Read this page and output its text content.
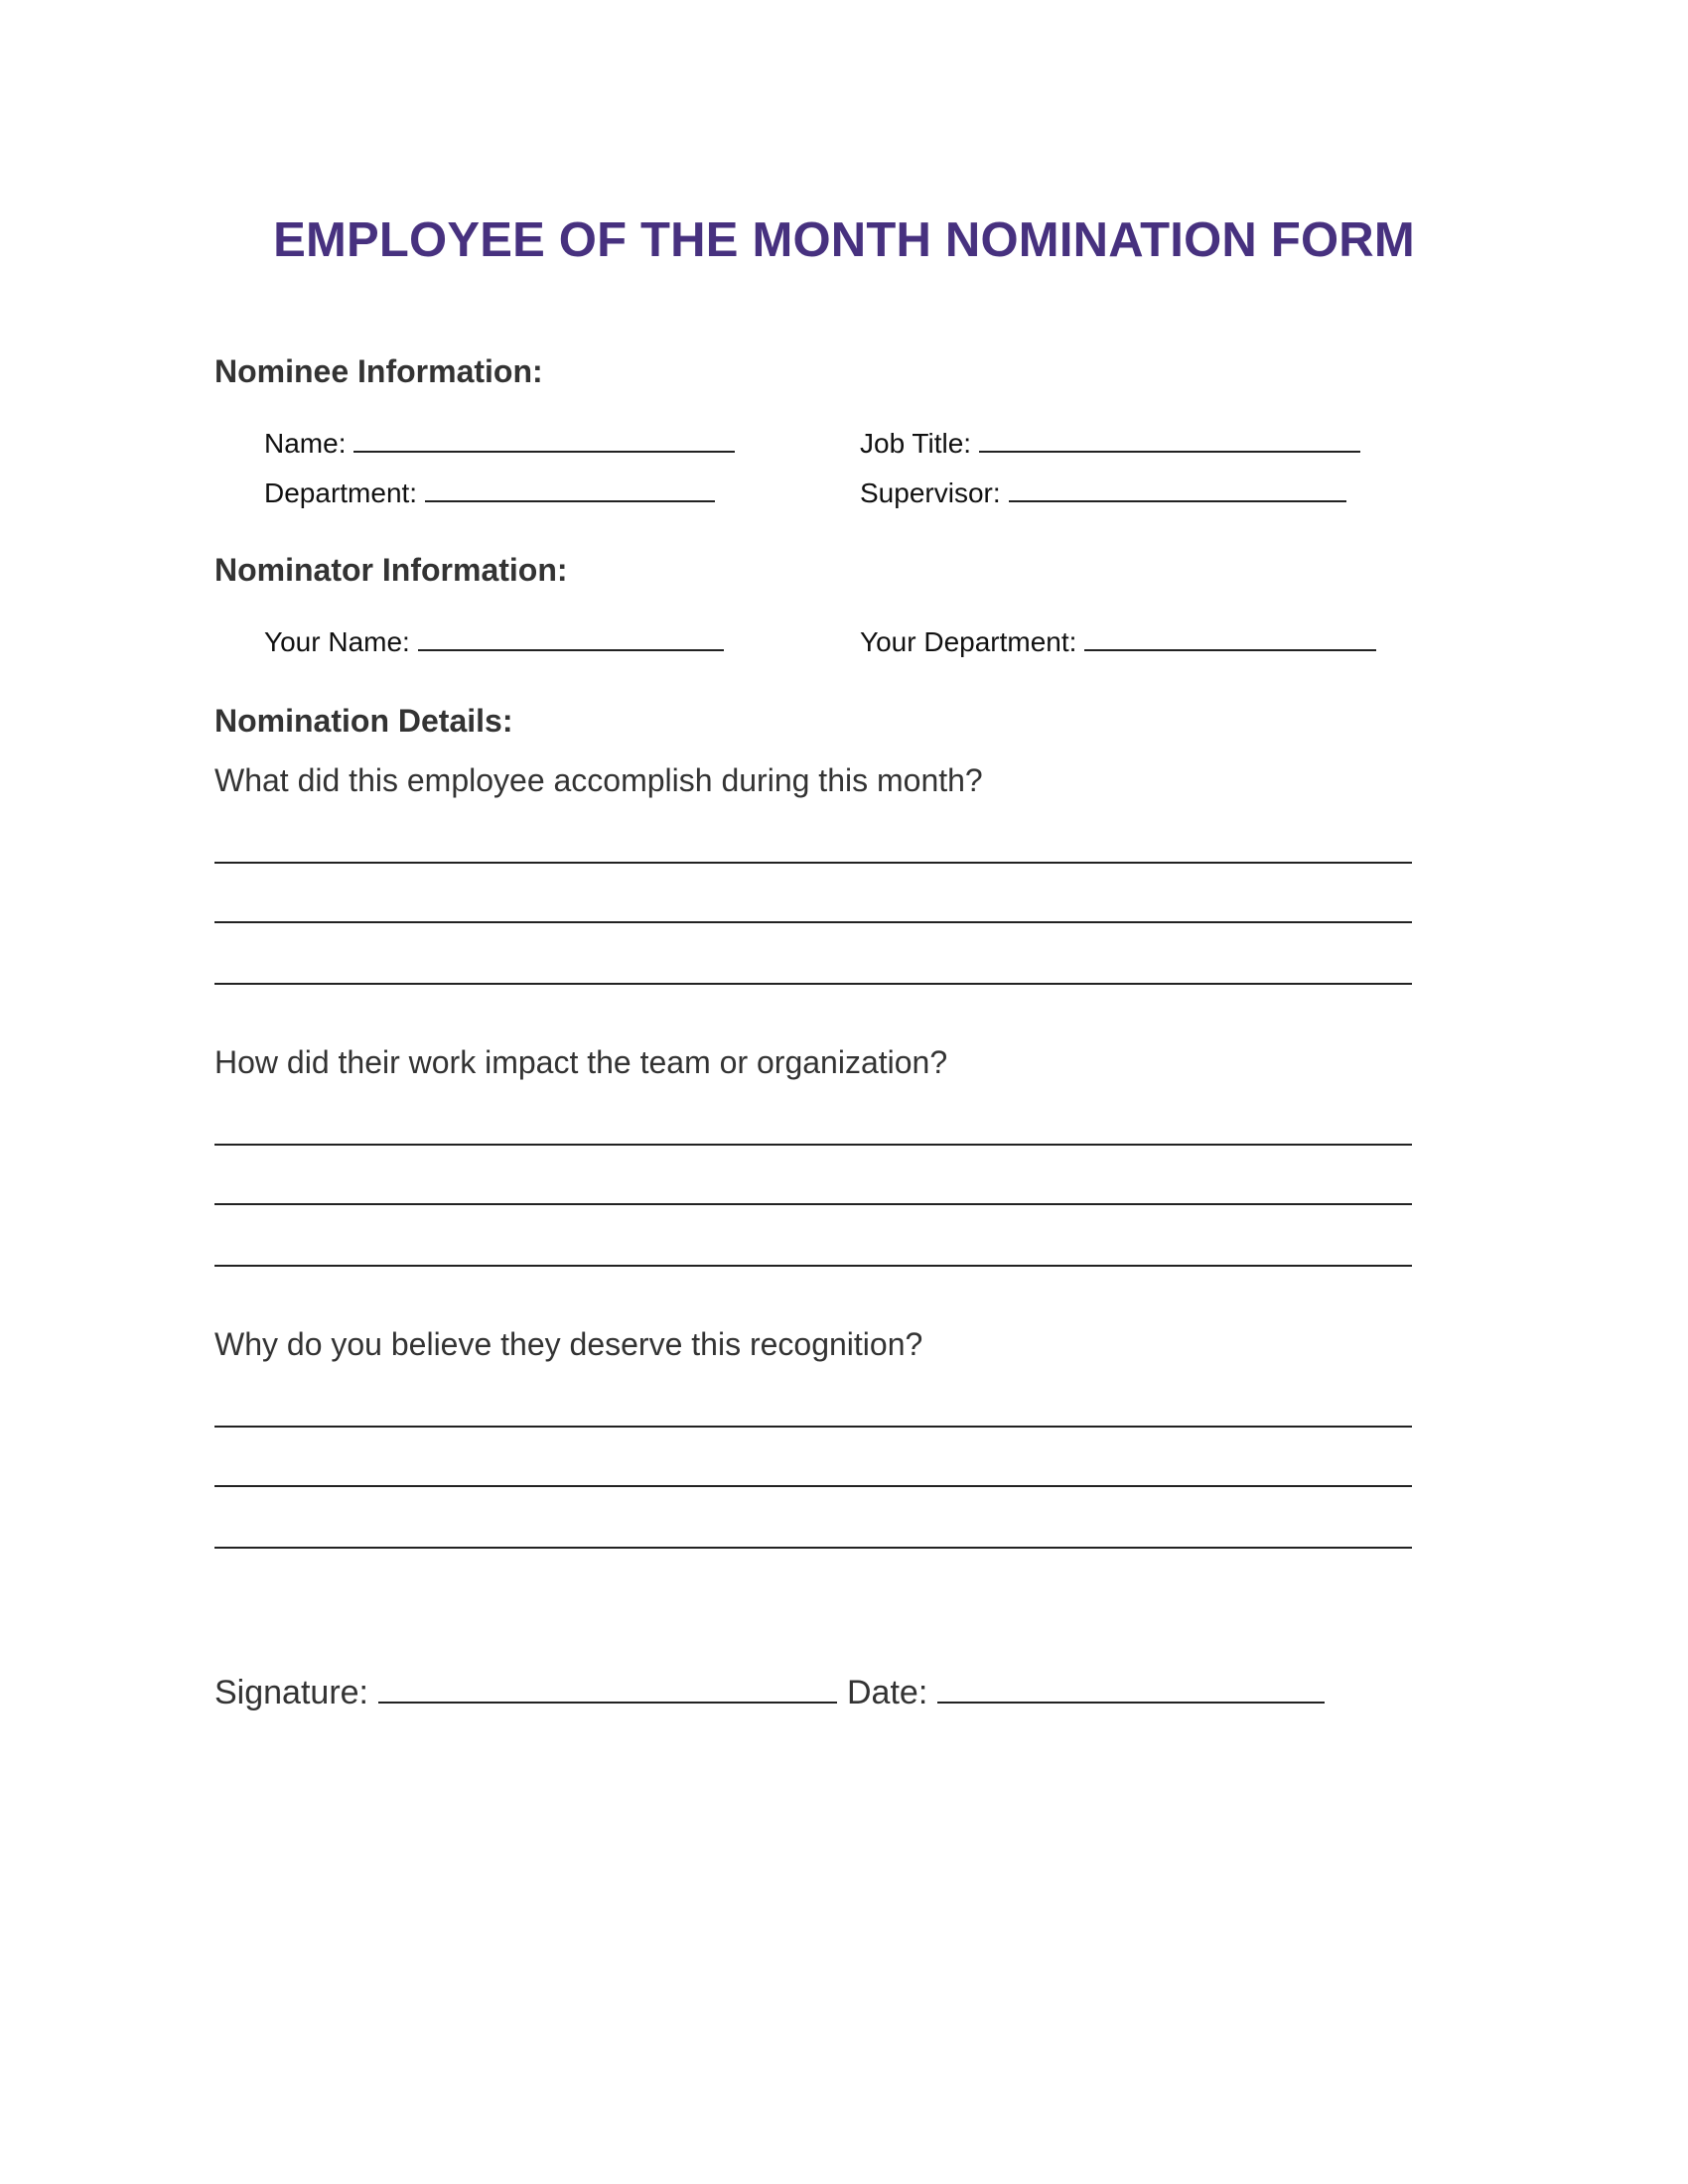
EMPLOYEE OF THE MONTH NOMINATION FORM
Nominee Information:
Name:	Job Title:
Department:	Supervisor:
Nominator Information:
Your Name:	Your Department:
Nomination Details:
What did this employee accomplish during this month?
How did their work impact the team or organization?
Why do you believe they deserve this recognition?
Signature:	Date:
